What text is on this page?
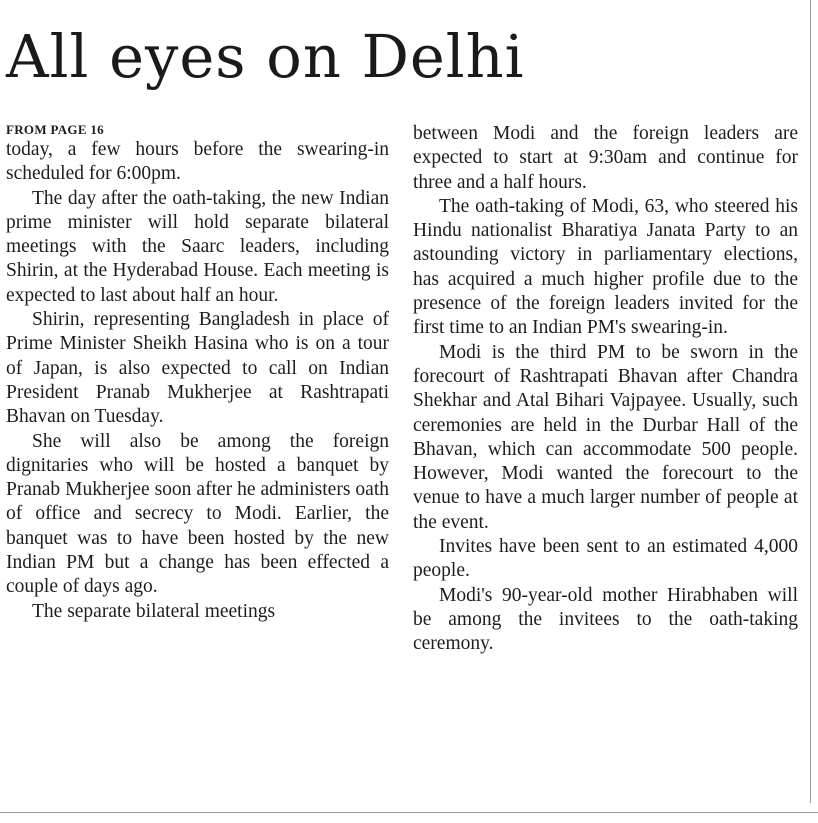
All eyes on Delhi
FROM PAGE 16

today, a few hours before the swearing-in scheduled for 6:00pm.

The day after the oath-taking, the new Indian prime minister will hold separate bilateral meetings with the Saarc leaders, including Shirin, at the Hyderabad House. Each meeting is expected to last about half an hour.

Shirin, representing Bangladesh in place of Prime Minister Sheikh Hasina who is on a tour of Japan, is also expected to call on Indian President Pranab Mukherjee at Rashtrapati Bhavan on Tuesday.

She will also be among the foreign dignitaries who will be hosted a banquet by Pranab Mukherjee soon after he administers oath of office and secrecy to Modi. Earlier, the banquet was to have been hosted by the new Indian PM but a change has been effected a couple of days ago.

The separate bilateral meetings

between Modi and the foreign leaders are expected to start at 9:30am and continue for three and a half hours.

The oath-taking of Modi, 63, who steered his Hindu nationalist Bharatiya Janata Party to an astounding victory in parliamentary elections, has acquired a much higher profile due to the presence of the foreign leaders invited for the first time to an Indian PM's swearing-in.

Modi is the third PM to be sworn in the forecourt of Rashtrapati Bhavan after Chandra Shekhar and Atal Bihari Vajpayee. Usually, such ceremonies are held in the Durbar Hall of the Bhavan, which can accommodate 500 people. However, Modi wanted the forecourt to the venue to have a much larger number of people at the event.

Invites have been sent to an estimated 4,000 people.

Modi's 90-year-old mother Hirabhaben will be among the invitees to the oath-taking ceremony.
